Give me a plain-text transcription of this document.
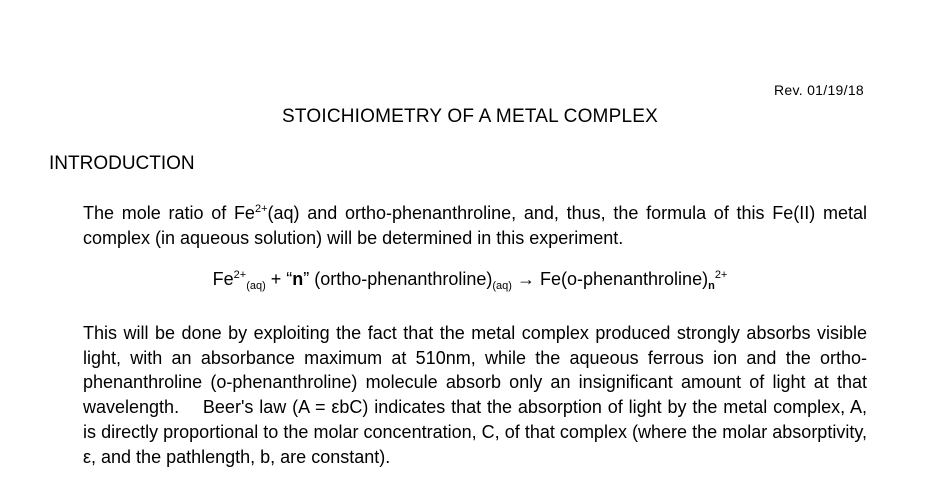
Rev. 01/19/18
STOICHIOMETRY OF A METAL COMPLEX
INTRODUCTION
The mole ratio of $Fe^{2+}(aq)$ and ortho-phenanthroline, and, thus, the formula of this Fe(II) metal complex (in aqueous solution) will be determined in this experiment.
$Fe^{2+}_{(aq)}$ + “n” $(ortho-phenanthroline)_{(aq)}$ → $Fe(o-phenanthroline)_n^{2+}$
This will be done by exploiting the fact that the metal complex produced strongly absorbs visible light, with an absorbance maximum at 510nm, while the aqueous ferrous ion and the ortho-phenanthroline (o-phenanthroline) molecule absorb only an insignificant amount of light at that wavelength.  Beer's law (A = εbC) indicates that the absorption of light by the metal complex, A, is directly proportional to the molar concentration, C, of that complex (where the molar absorptivity, ε, and the pathlength, b, are constant).
